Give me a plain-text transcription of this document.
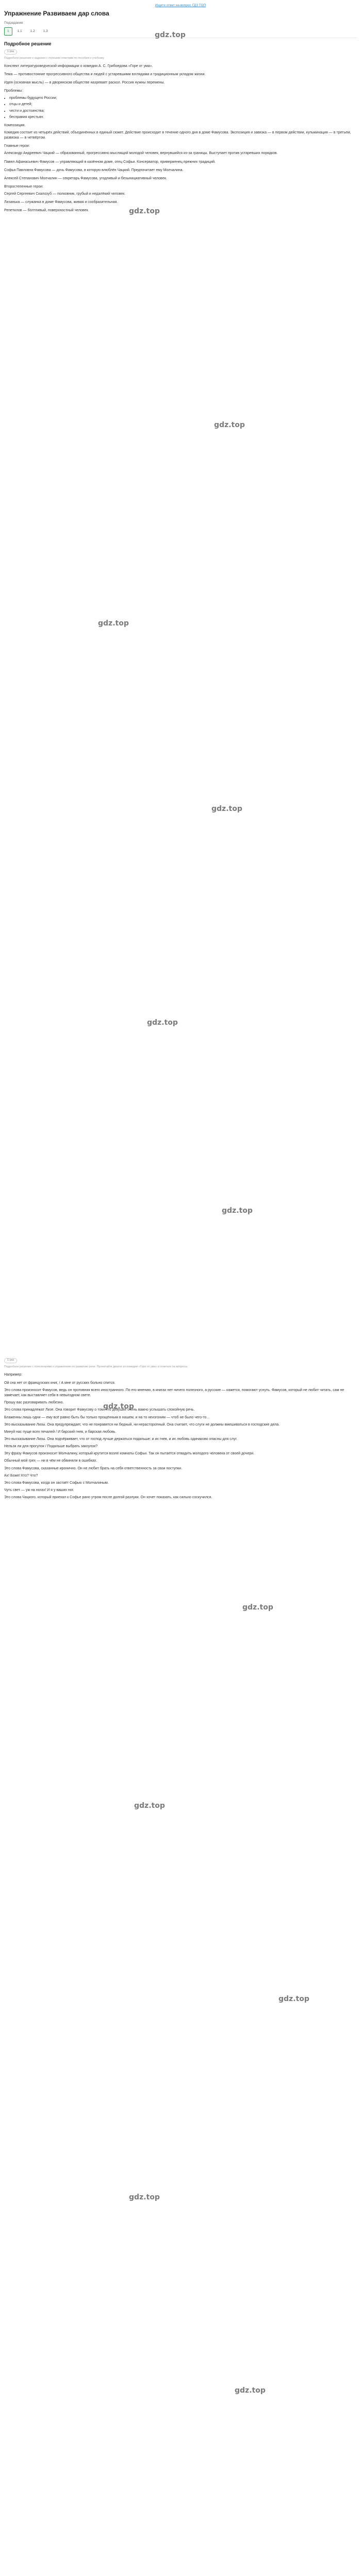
gdz.top
gdz.top
gdz.top
gdz.top
gdz.top
gdz.top
gdz.top
gdz.top
gdz.top
gdz.top
gdz.top
gdz.top
gdz.top
Ищите ответ на вопрос ГДЗ ТОП
Упражнение Развиваем дар слова
Подзадание
1	1.1	1.2	1.3
Подробное решение
1 раз
Подробное решение к заданию с полными ответами по пособию к учебнику

Конспект литературоведческой информации о комедии А. С. Грибоедова «Горе от ума».

Тема — противостояние прогрессивного общества и людей с устаревшими взглядами и традиционным укладом жизни.

Идея (основная мысль) — в дворянском обществе назревает раскол. Россия нужны перемены.

Проблемы:

• проблемы будущего России;
• отцы и детей;
• чести и достоинства;
• бесправия крестьян.

Композиция.

Комедия состоит из четырёх действий, объединённых в единый сюжет. Действие происходит в течение одного дня в доме Фамусова. Экспозиция и завязка — в первом действии, кульминация — в третьем, развязка — в четвёртом.

Главные герои:

Александр Андреевич Чацкий — образованный, прогрессивно мыслящий молодой человек, вернувшийся из-за границы. Выступает против устаревших порядков.

Павел Афанасьевич Фамусов — управляющий в казённом доме, отец Софьи. Консерватор, приверженец прежних традиций.

Софья Павловна Фамусова — дочь Фамусова, в которую влюблён Чацкий. Предпочитает ему Молчалина.

Алексей Степанович Молчалин — секретарь Фамусова, угодливый и безынициативный человек.

Второстепенные герои:

Сергей Сергеевич Скалозуб — полковник, грубый и недалёкий человек.

Лизанька — служанка в доме Фамусова, живая и сообразительная.

Репетилов — болтливый, поверхностный человек.

1 раз
Подробное решение с пояснениями к упражнению по развитию речи. Прочитайте диалог из комедии «Горе от ума» и ответьте на вопросы.

Например:

Ой сна нет от французских книг, / А мне от русских больно спится.

Это слова произносит Фамусов, ведь он противник всего иностранного. По его мнению, в книгах нет ничего полезного, а русские — кажется, помогают уснуть. Фамусов, который не любит читать, сам не замечает, как выставляет себя в невыгодном свете.

Прошу вас разговаривать любезно.

Это слова принадлежат Лизе. Она говорит Фамусову о том, что девушке очень важно услышать спокойную речь.

Блаженны лишь одни — ему всё равно быть бы только прощённым в нашем, и на то неизгоним — чтоб не было чего-то...

Это высказывание Лизы. Она предупреждает, что не понравятся ни бедный, ни нерасторопный. Она считает, что слуги не должны вмешиваться в господские дела.

Минуй нас пуще всех печалей / И барский гнев, и барская любовь.

Это высказывание Лизы. Она подчёркивает, что от господ лучше держаться подальше: и их гнев, и их любовь одинаково опасны для слуг.

Нельзя ли для прогулок / Подальше выбрать закоулок?

Эту фразу Фамусов произносит Молчалину, который крутится возле комнаты Софьи. Так он пытается отвадить молодого человека от своей дочери.

Обычный мой грех — ни в чём не обвиняли в ошибках.

Это слова Фамусова, сказанные иронично. Он не любит брать на себя ответственность за свои поступки.

Ах! Боже! Кто? Что?

Это слова Фамусова, когда он застаёт Софью с Молчалиным.

Чуть свет — уж на ногах! И я у ваших ног.

Это слова Чацкого, который приехал к Софье рано утром после долгой разлуки. Он хочет показать, как сильно соскучился.
